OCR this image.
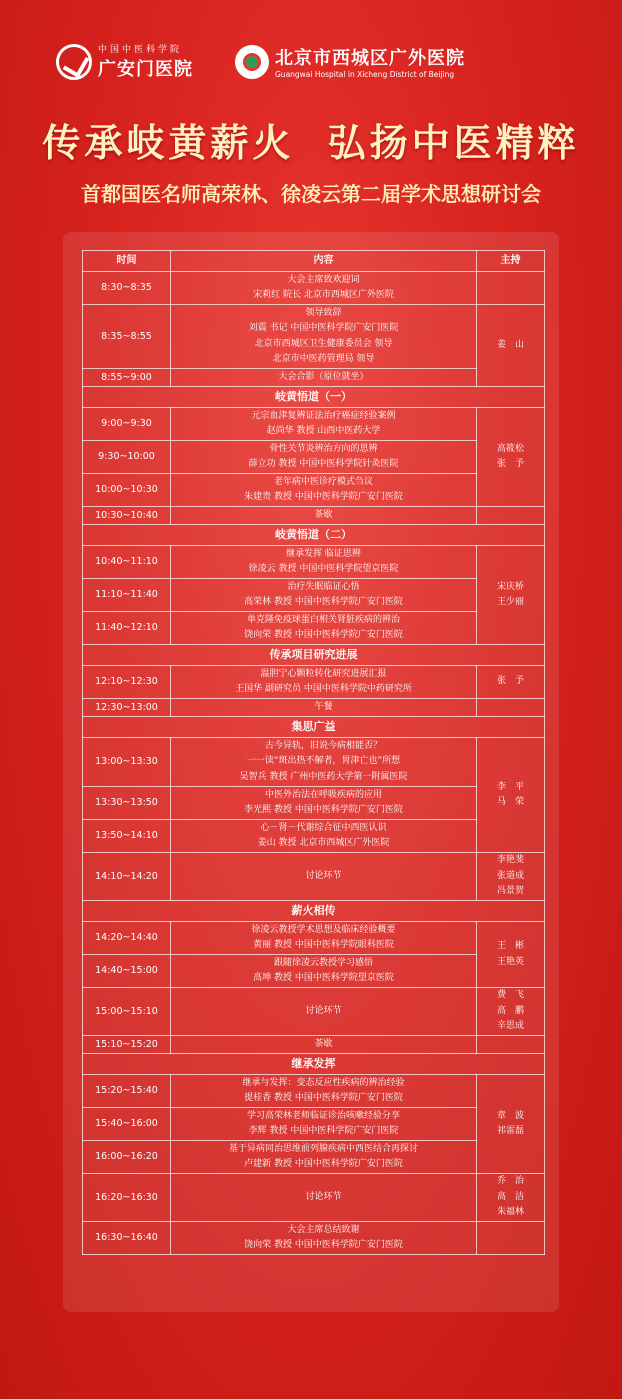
中国中医科学院
广安门医院
北京市西城区广外医院
Guangwai Hospital in Xicheng District of Beijing
传承岐黄薪火 弘扬中医精粹
首都国医名师高荣林、徐凌云第二届学术思想研讨会
时间	内容	主持
8:30~8:35	大会主席致欢迎词
宋莉红 院长 北京市西城区广外医院	

8:35~8:55	领导致辞
刘震 书记 中国中医科学院广安门医院
北京市西城区卫生健康委员会 领导
北京市中医药管理局 领导	姜　山
8:55~9:00	大会合影（原位就坐）	
岐黄悟道（一）		
9:00~9:30	元宗血津复辨证法治疗癌症经验案例
赵尚华 教授 山西中医药大学	高筱松
张　予

9:30~10:00	骨性关节炎辨治方向的思辨
薛立功 教授 中国中医科学院针灸医院	

10:00~10:30	老年病中医诊疗模式刍议
朱建贵 教授 中国中医科学院广安门医院	

10:30~10:40	茶歇	
岐黄悟道（二）		
10:40~11:10	继承发挥 临证思辨
徐凌云 教授 中国中医科学院望京医院	宋庆桥
王少丽

11:10~11:40	治疗失眠临证心悟
高荣林 教授 中国中医科学院广安门医院	

11:40~12:10	单克隆免疫球蛋白相关肾脏疾病的辨治
饶向荣 教授 中国中医科学院广安门医院	

传承项目研究进展		
12:10~12:30	温胆宁心颗粒转化研究进展汇报
王国华 副研究员 中国中医科学院中药研究所	张　予
12:30~13:00	午餐	
集思广益		
13:00~13:30	古今异轨，旧说今病相能否？
一一读“斑出热不解者，胃津亡也”所想
吴智兵 教授 广州中医药大学第一附属医院	李　平
马　荣

13:30~13:50	中医外治法在呼吸疾病的应用
李光熙 教授 中国中医科学院广安门医院	

13:50~14:10	心－肾－代谢综合征中西医认识
姜山 教授 北京市西城区广外医院	

14:10~14:20	讨论环节	李艳斐
张道成
冯景贺

薪火相传		
14:20~14:40	徐凌云教授学术思想及临床经验概要
黄丽 教授 中国中医科学院眼科医院	王　彬
王艳英

14:40~15:00	跟随徐凌云教授学习感悟
高坤 教授 中国中医科学院望京医院	

15:00~15:10	讨论环节	费　飞
高　鹏
辛思成

15:10~15:20	茶歇	
继承发挥		
15:20~15:40	继承与发挥：变态反应性疾病的辨治经验
提桂香 教授 中国中医科学院广安门医院	章　波
祁雷磊

15:40~16:00	学习高荣林老师临证诊治咳嗽经验分享
李辉 教授 中国中医科学院广安门医院	

16:00~16:20	基于异病同治思维前列腺疾病中西医结合再探讨
卢建新 教授 中国中医科学院广安门医院	

16:20~16:30	讨论环节	乔　治
高　洁
朱福林

16:30~16:40	大会主席总结致谢
饶向荣 教授 中国中医科学院广安门医院	
